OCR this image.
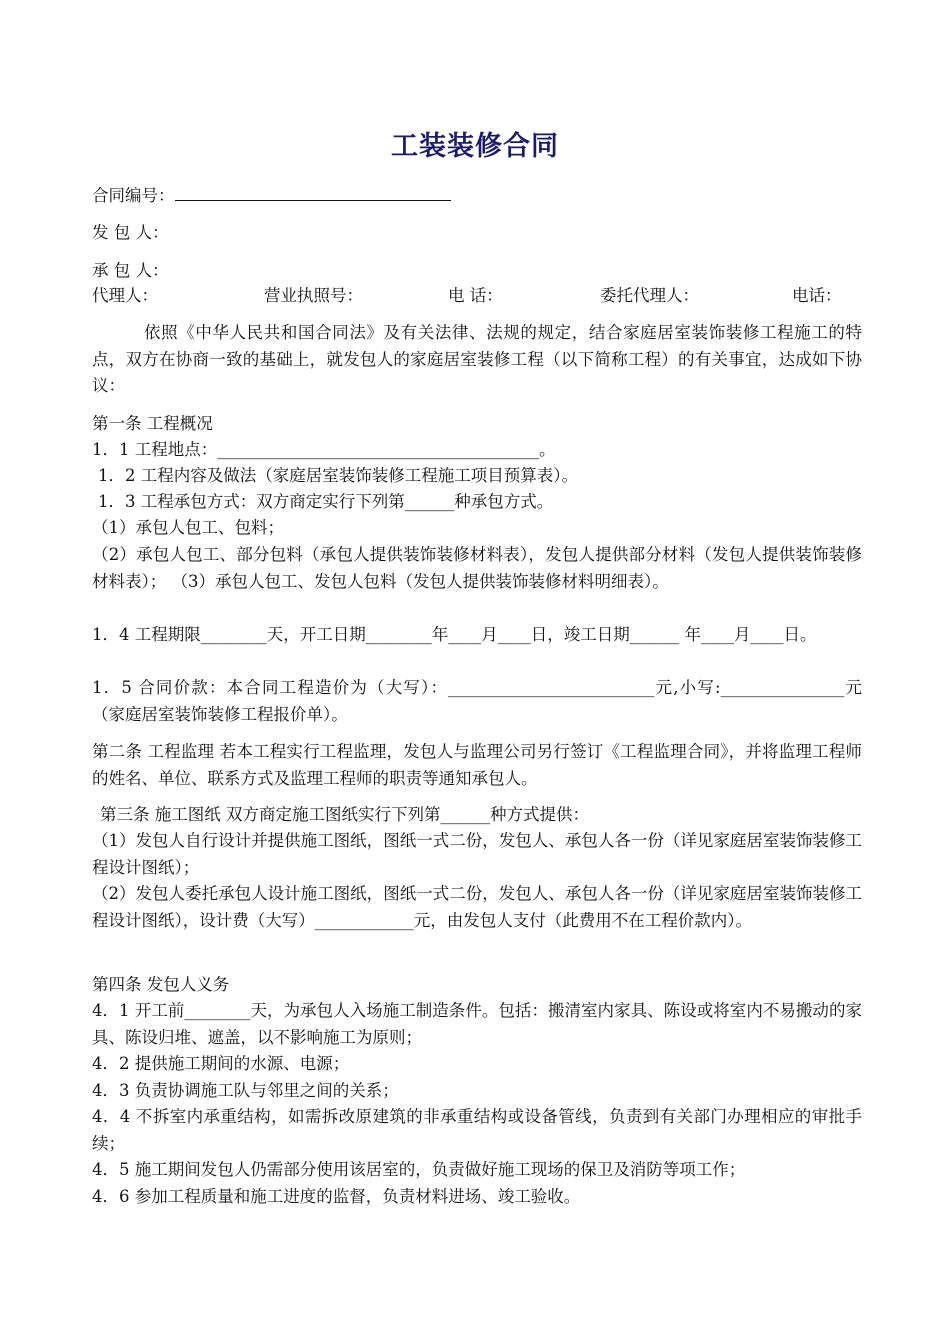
工装装修合同
合同编号：
发 包 人：
承 包 人：
代理人：	营业执照号：	电 话：	委托代理人：	电话：
依照《中华人民共和国合同法》及有关法律、法规的规定，结合家庭居室装饰装修工程施工的特点，双方在协商一致的基础上，就发包人的家庭居室装修工程（以下简称工程）的有关事宜，达成如下协议：
第一条 工程概况
1．1 工程地点：_______________________________________。
1．2 工程内容及做法（家庭居室装饰装修工程施工项目预算表）。
1．3 工程承包方式：双方商定实行下列第______种承包方式。
（1）承包人包工、包料；
（2）承包人包工、部分包料（承包人提供装饰装修材料表），发包人提供部分材料（发包人提供装饰装修材料表）； （3）承包人包工、发包人包料（发包人提供装饰装修材料明细表）。
1．4 工程期限________天，开工日期________年____月____日，竣工日期______ 年____月____日。
1．5 合同价款：本合同工程造价为（大写）：_________________________元,小写:_______________元（家庭居室装饰装修工程报价单）。
第二条 工程监理 若本工程实行工程监理，发包人与监理公司另行签订《工程监理合同》，并将监理工程师的姓名、单位、联系方式及监理工程师的职责等通知承包人。
第三条 施工图纸 双方商定施工图纸实行下列第______种方式提供：
（1）发包人自行设计并提供施工图纸，图纸一式二份，发包人、承包人各一份（详见家庭居室装饰装修工程设计图纸）；
（2）发包人委托承包人设计施工图纸，图纸一式二份，发包人、承包人各一份（详见家庭居室装饰装修工程设计图纸），设计费（大写）____________元，由发包人支付（此费用不在工程价款内）。
第四条 发包人义务
4．1 开工前________天，为承包人入场施工制造条件。包括：搬清室内家具、陈设或将室内不易搬动的家具、陈设归堆、遮盖，以不影响施工为原则；
4．2 提供施工期间的水源、电源；
4．3 负责协调施工队与邻里之间的关系；
4．4 不拆室内承重结构，如需拆改原建筑的非承重结构或设备管线，负责到有关部门办理相应的审批手续；
4．5 施工期间发包人仍需部分使用该居室的，负责做好施工现场的保卫及消防等项工作；
4．6 参加工程质量和施工进度的监督，负责材料进场、竣工验收。
